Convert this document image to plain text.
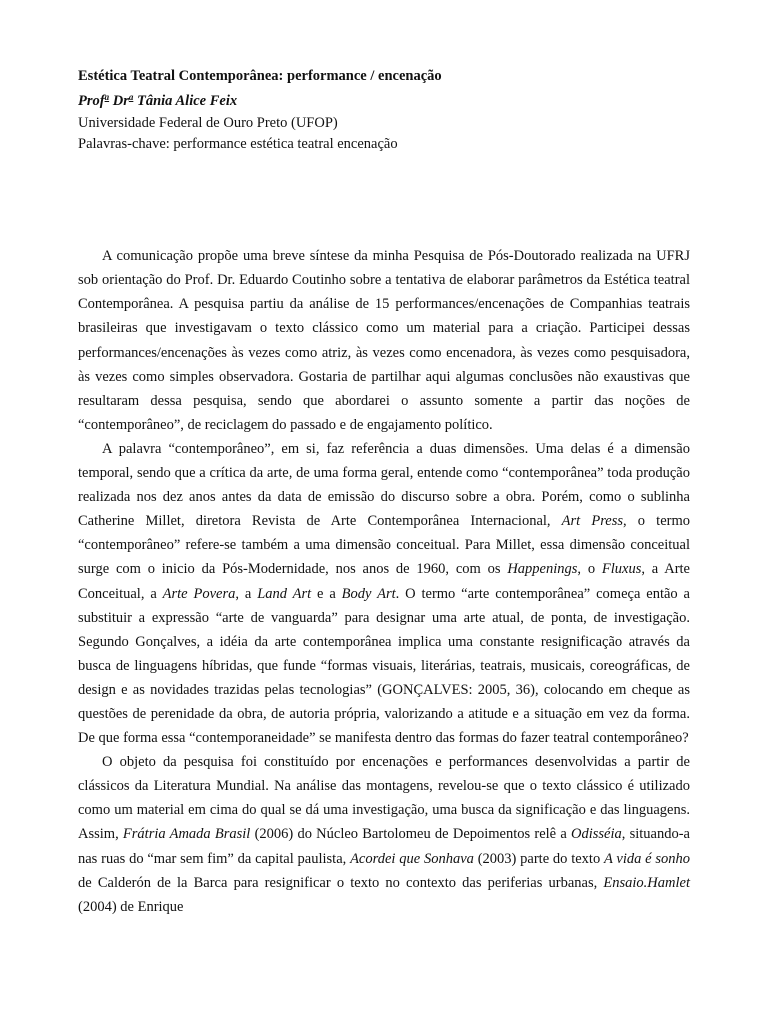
Estética Teatral Contemporânea: performance / encenação

Prof$^a$ Dr$^a$ Tânia Alice Feix

Universidade Federal de Ouro Preto (UFOP)

Palavras-chave: performance estética teatral encenação

A comunicação propõe uma breve síntese da minha Pesquisa de Pós-Doutorado realizada na UFRJ sob orientação do Prof. Dr. Eduardo Coutinho sobre a tentativa de elaborar parâmetros da Estética teatral Contemporânea. A pesquisa partiu da análise de 15 performances/encenações de Companhias teatrais brasileiras que investigavam o texto clássico como um material para a criação. Participei dessas performances/encenações às vezes como atriz, às vezes como encenadora, às vezes como pesquisadora, às vezes como simples observadora. Gostaria de partilhar aqui algumas conclusões não exaustivas que resultaram dessa pesquisa, sendo que abordarei o assunto somente a partir das noções de “contemporâneo”, de reciclagem do passado e de engajamento político.

A palavra “contemporâneo”, em si, faz referência a duas dimensões. Uma delas é a dimensão temporal, sendo que a crítica da arte, de uma forma geral, entende como “contemporânea” toda produção realizada nos dez anos antes da data de emissão do discurso sobre a obra. Porém, como o sublinha Catherine Millet, diretora Revista de Arte Contemporânea Internacional, Art Press, o termo “contemporâneo” refere-se também a uma dimensão conceitual. Para Millet, essa dimensão conceitual surge com o inicio da Pós-Modernidade, nos anos de 1960, com os Happenings, o Fluxus, a Arte Conceitual, a Arte Povera, a Land Art e a Body Art. O termo “arte contemporânea” começa então a substituir a expressão “arte de vanguarda” para designar uma arte atual, de ponta, de investigação. Segundo Gonçalves, a idéia da arte contemporânea implica uma constante resignificação através da busca de linguagens híbridas, que funde “formas visuais, literárias, teatrais, musicais, coreográficas, de design e as novidades trazidas pelas tecnologias” (GONÇALVES: 2005, 36), colocando em cheque as questões de perenidade da obra, de autoria própria, valorizando a atitude e a situação em vez da forma. De que forma essa “contemporaneidade” se manifesta dentro das formas do fazer teatral contemporâneo?

O objeto da pesquisa foi constituído por encenações e performances desenvolvidas a partir de clássicos da Literatura Mundial. Na análise das montagens, revelou-se que o texto clássico é utilizado como um material em cima do qual se dá uma investigação, uma busca da significação e das linguagens. Assim, Frátria Amada Brasil (2006) do Núcleo Bartolomeu de Depoimentos relê a Odisséia, situando-a nas ruas do “mar sem fim” da capital paulista, Acordei que Sonhava (2003) parte do texto A vida é sonho de Calderón de la Barca para resignificar o texto no contexto das periferias urbanas, Ensaio.Hamlet (2004) de Enrique
